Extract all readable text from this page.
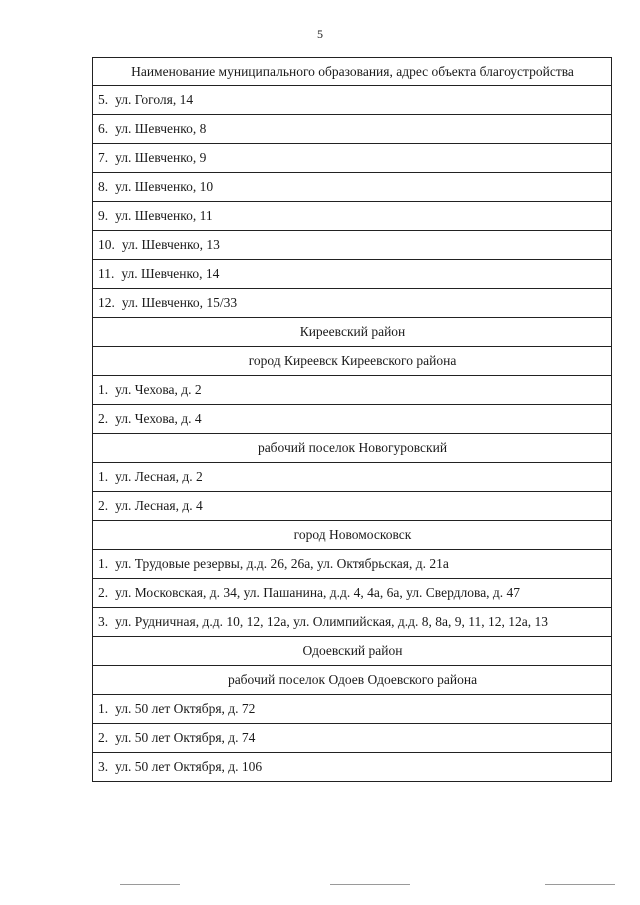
5
Наименование муниципального образования, адрес объекта благоустройства
5. ул. Гоголя, 14
6. ул. Шевченко, 8
7. ул. Шевченко, 9
8. ул. Шевченко, 10
9. ул. Шевченко, 11
10. ул. Шевченко, 13
11. ул. Шевченко, 14
12. ул. Шевченко, 15/33
Киреевский район
город Киреевск Киреевского района
1. ул. Чехова, д. 2
2. ул. Чехова, д. 4
рабочий поселок Новогуровский
1. ул. Лесная, д. 2
2. ул. Лесная, д. 4
город Новомосковск
1. ул. Трудовые резервы, д.д. 26, 26а, ул. Октябрьская, д. 21а
2. ул. Московская, д. 34, ул. Пашанина, д.д. 4, 4а, 6а, ул. Свердлова, д. 47
3. ул. Рудничная, д.д. 10, 12, 12а, ул. Олимпийская, д.д. 8, 8а, 9, 11, 12, 12а, 13
Одоевский район
рабочий поселок Одоев Одоевского района
1. ул. 50 лет Октября, д. 72
2. ул. 50 лет Октября, д. 74
3. ул. 50 лет Октября, д. 106
